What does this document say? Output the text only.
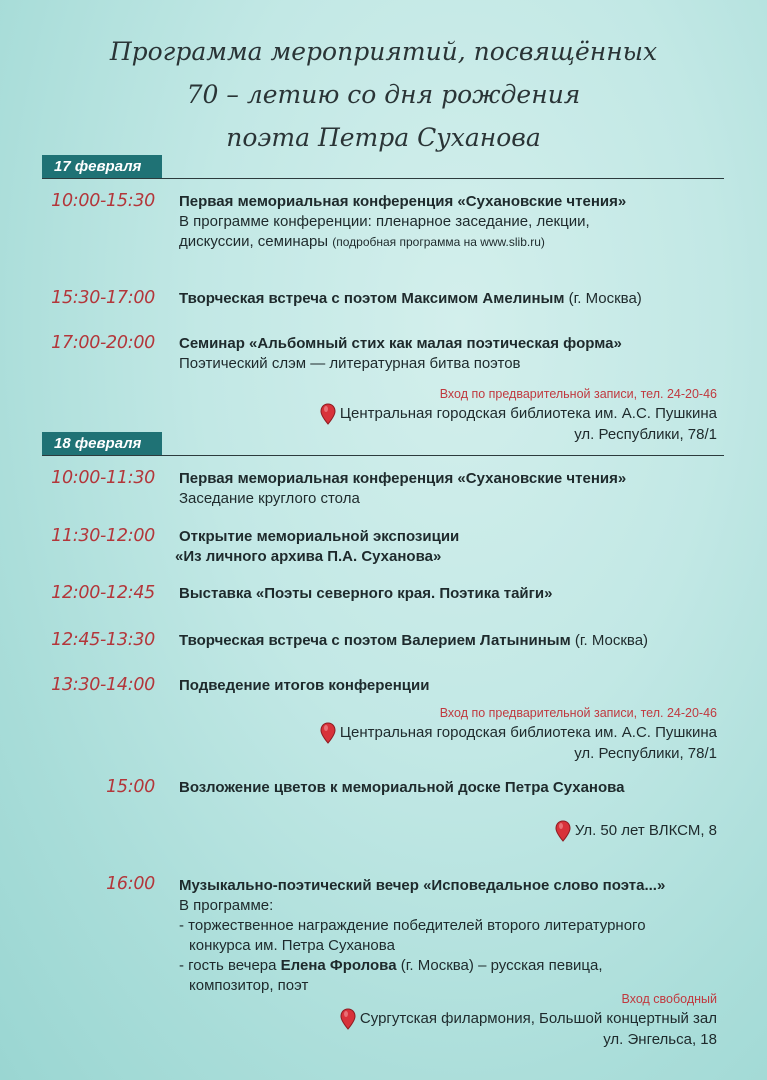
Программа мероприятий, посвящённых
70 – летию со дня рождения
поэта Петра Суханова
17 февраля
10:00-15:30 Первая мемориальная конференция «Сухановские чтения»
В программе конференции: пленарное заседание, лекции,
дискуссии, семинары (подробная программа на www.slib.ru)
15:30-17:00 Творческая встреча с поэтом Максимом Амелиным (г. Москва)
17:00-20:00 Семинар «Альбомный стих как малая поэтическая форма»
Поэтический слэм — литературная битва поэтов
Вход по предварительной записи, тел. 24-20-46
Центральная городская библиотека им. А.С. Пушкина
ул. Республики, 78/1
18 февраля
10:00-11:30 Первая мемориальная конференция «Сухановские чтения»
Заседание круглого стола
11:30-12:00 Открытие мемориальной экспозиции
«Из личного архива П.А. Суханова»
12:00-12:45 Выставка «Поэты северного края. Поэтика тайги»
12:45-13:30 Творческая встреча с поэтом Валерием Латыниным (г. Москва)
13:30-14:00 Подведение итогов конференции
Вход по предварительной записи, тел. 24-20-46
Центральная городская библиотека им. А.С. Пушкина
ул. Республики, 78/1
15:00 Возложение цветов к мемориальной доске Петра Суханова
Ул. 50 лет ВЛКСМ, 8
16:00 Музыкально-поэтический вечер «Исповедальное слово поэта...»
В программе:
- торжественное награждение победителей второго литературного
конкурса им. Петра Суханова
- гость вечера Елена Фролова (г. Москва) – русская певица,
композитор, поэт
Вход свободный
Сургутская филармония, Большой концертный зал
ул. Энгельса, 18
